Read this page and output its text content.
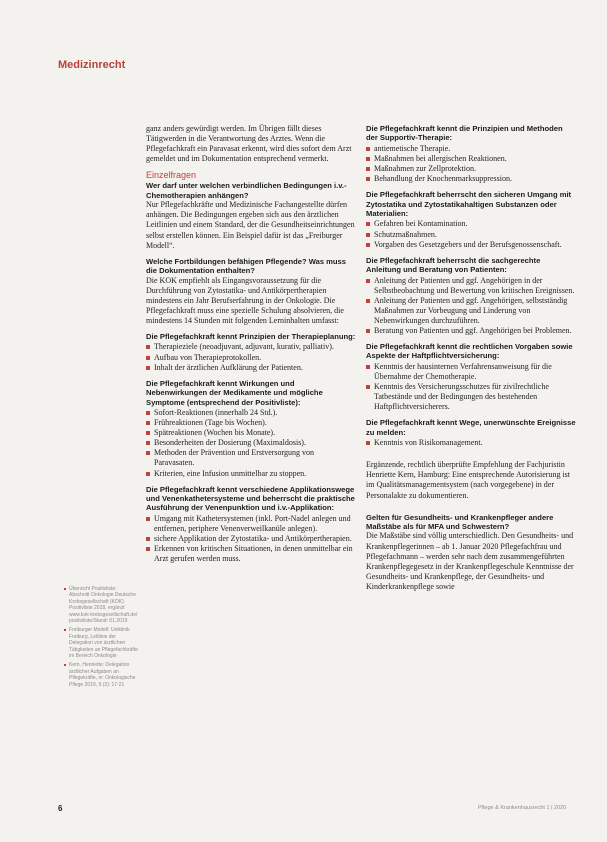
Medizinrecht

ganz anders gewürdigt werden. Im Übrigen fällt dieses Tätigwerden in die Verantwortung des Arztes. Wenn die Pflegefachkraft ein Paravasat erkennt, wird dies sofort dem Arzt gemeldet und im Dokumentation entsprechend vermerkt.

Einzelfragen

Wer darf unter welchen verbindlichen Bedingungen i.v.-Chemotherapien anhängen?

Nur Pflegefachkräfte und Medizinische Fachangestellte dürfen anhängen. Die Bedingungen ergeben sich aus den ärztlichen Leitlinien und einem Standard, der die Gesundheitseinrichtungen selbst erstellen können. Ein Beispiel dafür ist das „Freiburger Modell“.

Welche Fortbildungen befähigen Pflegende? Was muss die Dokumentation enthalten?

Die KOK empfiehlt als Eingangsvoraussetzung für die Durchführung von Zytostatika- und Antikörpertherapien mindestens ein Jahr Berufserfahrung in der Onkologie. Die Pflegefachkraft muss eine spezielle Schulung absolvieren, die mindestens 14 Stunden mit folgenden Lerninhalten umfasst:

Die Pflegefachkraft kennt Prinzipien der Therapieplanung:

Therapieziele (neoadjuvant, adjuvant, kurativ, palliativ).
Aufbau von Therapieprotokollen.
Inhalt der ärztlichen Aufklärung der Patienten.

Die Pflegefachkraft kennt Wirkungen und Nebenwirkungen der Medikamente und mögliche Symptome (entsprechend der Positivliste):

Sofort-Reaktionen (innerhalb 24 Std.).
Frühreaktionen (Tage bis Wochen).
Spätreaktionen (Wochen bis Monate).
Besonderheiten der Dosierung (Maximaldosis).
Methoden der Prävention und Erstversorgung von Paravasaten.
Kriterien, eine Infusion unmittelbar zu stoppen.

Die Pflegefachkraft kennt verschiedene Applikationswege und Venenkathetersysteme und beherrscht die praktische Ausführung der Venenpunktion und i.v.-Applikation:

Umgang mit Kathetersystemen (inkl. Port-Nadel anlegen und entfernen, periphere Venenverweilkanüle anlegen).
sichere Applikation der Zytostatika- und Antikörpertherapien.
Erkennen von kritischen Situationen, in denen unmittelbar ein Arzt gerufen werden muss.

Die Pflegefachkraft kennt die Prinzipien und Methoden der Supportiv-Therapie:

antiemetische Therapie.
Maßnahmen bei allergischen Reaktionen.
Maßnahmen zur Zellprotektion.
Behandlung der Knochenmarksuppression.

Die Pflegefachkraft beherrscht den sicheren Umgang mit Zytostatika und Zytostatikahaltigen Substanzen oder Materialien:

Gefahren bei Kontamination.
Schutzmaßnahmen.
Vorgaben des Gesetzgebers und der Berufsgenossenschaft.

Die Pflegefachkraft beherrscht die sachgerechte Anleitung und Beratung von Patienten:

Anleitung der Patienten und ggf. Angehörigen in der Selbstbeobachtung und Bewertung von kritischen Ereignissen.
Anleitung der Patienten und ggf. Angehörigen, selbstständig Maßnahmen zur Vorbeugung und Linderung von Nebenwirkungen durchzuführen.
Beratung von Patienten und ggf. Angehörigen bei Problemen.

Die Pflegefachkraft kennt die rechtlichen Vorgaben sowie Aspekte der Haftpflichtversicherung:

Kenntnis der hausinternen Verfahrensanweisung für die Übernahme der Chemotherapie.
Kenntnis des Versicherungsschutzes für zivilrechtliche Tatbestände und der Bedingungen des bestehenden Haftpflichtversicherers.

Die Pflegefachkraft kennt Wege, unerwünschte Ereignisse zu melden:

Kenntnis von Risikomanagement.

Ergänzende, rechtlich überprüfte Empfehlung der Fachjuristin Henriette Kern, Hamburg: Eine entsprechende Autorisierung ist im Qualitätsmanagementsystem (nach vorgegebene) in der Personalakte zu dokumentieren.

Gelten für Gesundheits- und Krankenpfleger andere Maßstäbe als für MFA und Schwestern?

Die Maßstäbe sind völlig unterschiedlich. Den Gesundheits- und Krankenpflegerinnen – ab 1. Januar 2020 Pflegefachfrau und Pflegefachmann – werden sehr nach dem zusammengeführten Krankenpflegegesetz in der Krankenpflegeschule Kenntnisse der Gesundheits- und Krankenpflege, der Gesundheits- und Kinderkrankenpflege sowie

Übersicht Positivliste: Abschnitt Onkologie Deutsche Krebsgesellschaft (KOK) Positivliste 2018, ergänzt www.kok-krebsgesellschaft.de/ positivliste/Stand: 01.2019
Freiburger Modell: Uniklinik Freiburg, Leitlinie der Delegation von ärztlichen Tätigkeiten an Pflegefachkräfte im Bereich Onkologie
Kern, Henriette: Delegation ärztlicher Aufgaben an Pflegekräfte, in: Onkologische Pflege 2019, 9 (3): 17-21
6	Pflege & Krankenhausrecht 1 | 2020
